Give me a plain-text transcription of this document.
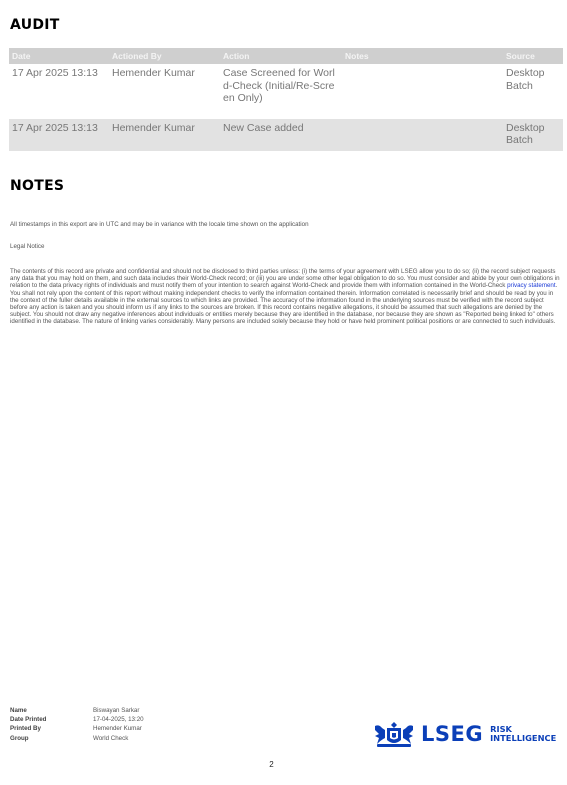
AUDIT
Date	Actioned By	Action	Notes	Source
17 Apr 2025 13:13	Hemender Kumar	Case Screened for World-Check (Initial/Re-Screen Only)		Desktop Batch

17 Apr 2025 13:13	Hemender Kumar	New Case added		Desktop Batch
NOTES

All timestamps in this export are in UTC and may be in variance with the locale time shown on the application

Legal Notice

The contents of this record are private and confidential and should not be disclosed to third parties unless: (i) the terms of your agreement with LSEG allow you to do so; (ii) the record subject requests any data that you may hold on them, and such data includes their World-Check record; or (iii) you are under some other legal obligation to do so. You must consider and abide by your own obligations in relation to the data privacy rights of individuals and must notify them of your intention to search against World-Check and provide them with information contained in the World-Check privacy statement. You shall not rely upon the content of this report without making independent checks to verify the information contained therein. Information correlated is necessarily brief and should be read by you in the context of the fuller details available in the external sources to which links are provided. The accuracy of the information found in the underlying sources must be verified with the record subject before any action is taken and you should inform us if any links to the sources are broken. If this record contains negative allegations, it should be assumed that such allegations are denied by the subject. You should not draw any negative inferences about individuals or entities merely because they are identified in the database, nor because they are shown as "Reported being linked to" others identified in the database. The nature of linking varies considerably. Many persons are included solely because they hold or have held prominent political positions or are connected to such individuals.

Name	Biswayan Sarkar
Date Printed	17-04-2025, 13:20
Printed By	Hemender Kumar
Group	World Check	LSEG RISK
INTELLIGENCE
2
